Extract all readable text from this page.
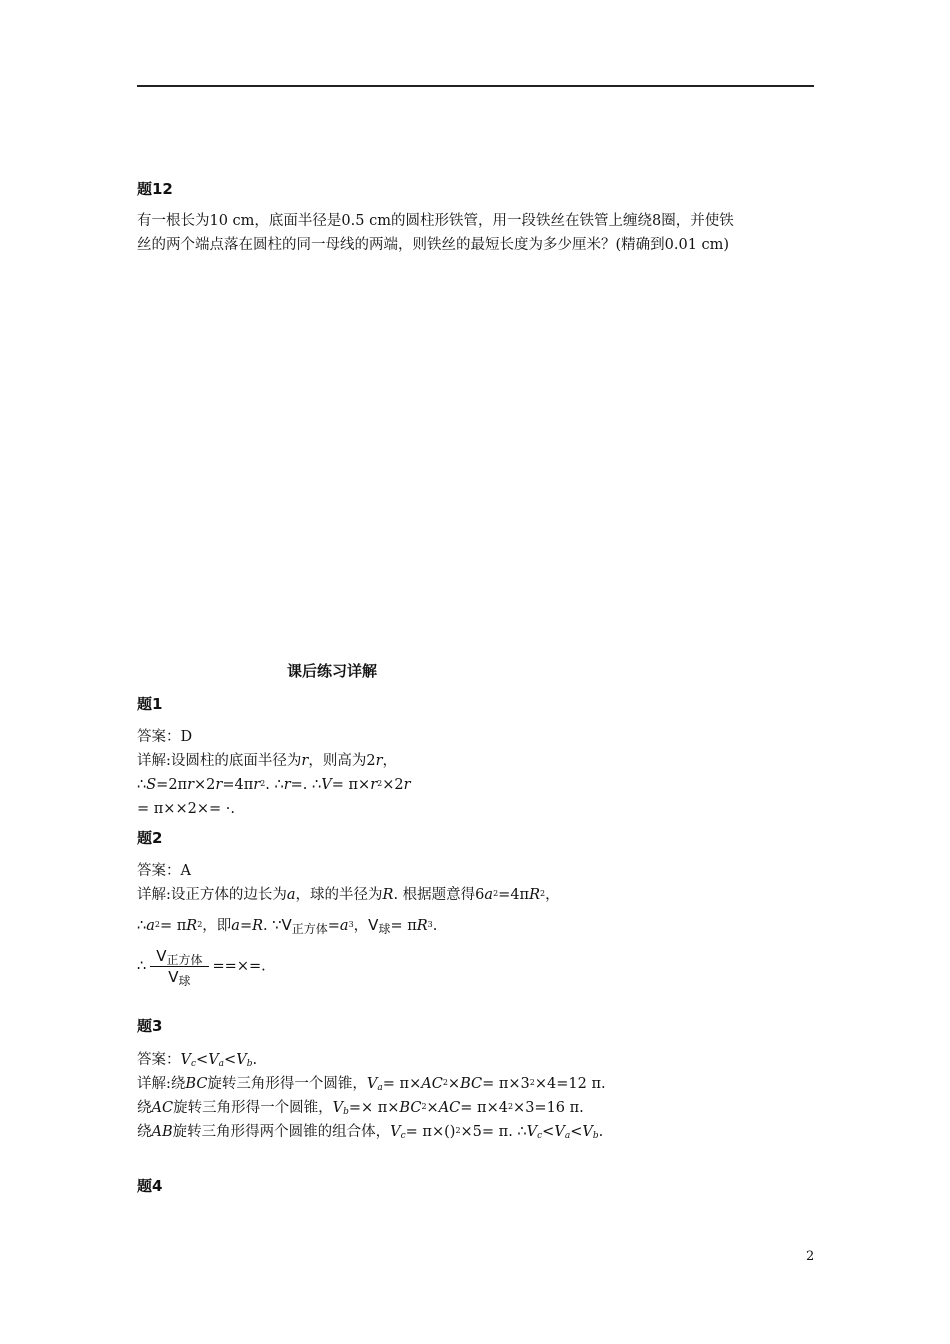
题12
有一根长为10 cm，底面半径是0.5 cm的圆柱形铁管，用一段铁丝在铁管上缠绕8圈，并使铁
丝的两个端点落在圆柱的同一母线的两端，则铁丝的最短长度为多少厘米？(精确到0.01 cm)
课后练习详解
题1
答案：D
详解:设圆柱的底面半径为r，则高为2r，
$\therefore S=2\pi r\times 2r=4\pi r^2$. ∴r=. ∴V= $\pi\times r^2\times 2r$
= π××2×= ·.
题2
答案：A
详解:设正方体的边长为a，球的半径为R. 根据题意得$6a^2=4\pi R^2$，
$\therefore a^2= \pi R^2$，即a=R. $\because V_{正方体}=a^3$，$V_球= \pi R^3$.
∴ $\frac{V_{正方体}}{V_球}$ ==×=.
题3
答案：$V_c<V_a<V_b$.
详解:绕BC旋转三角形得一个圆锥，$V_a= \pi\times AC^2\times BC= \pi\times 3^2\times 4=12$ π.
绕AC旋转三角形得一个圆锥，$V_b=\times \pi\times BC^2\times AC= \pi\times 4^2\times 3=16$ π.
绕AB旋转三角形得两个圆锥的组合体，$V_c= \pi\times()^2\times 5= \pi$. $\therefore V_c<V_a<V_b$.
题4
2
